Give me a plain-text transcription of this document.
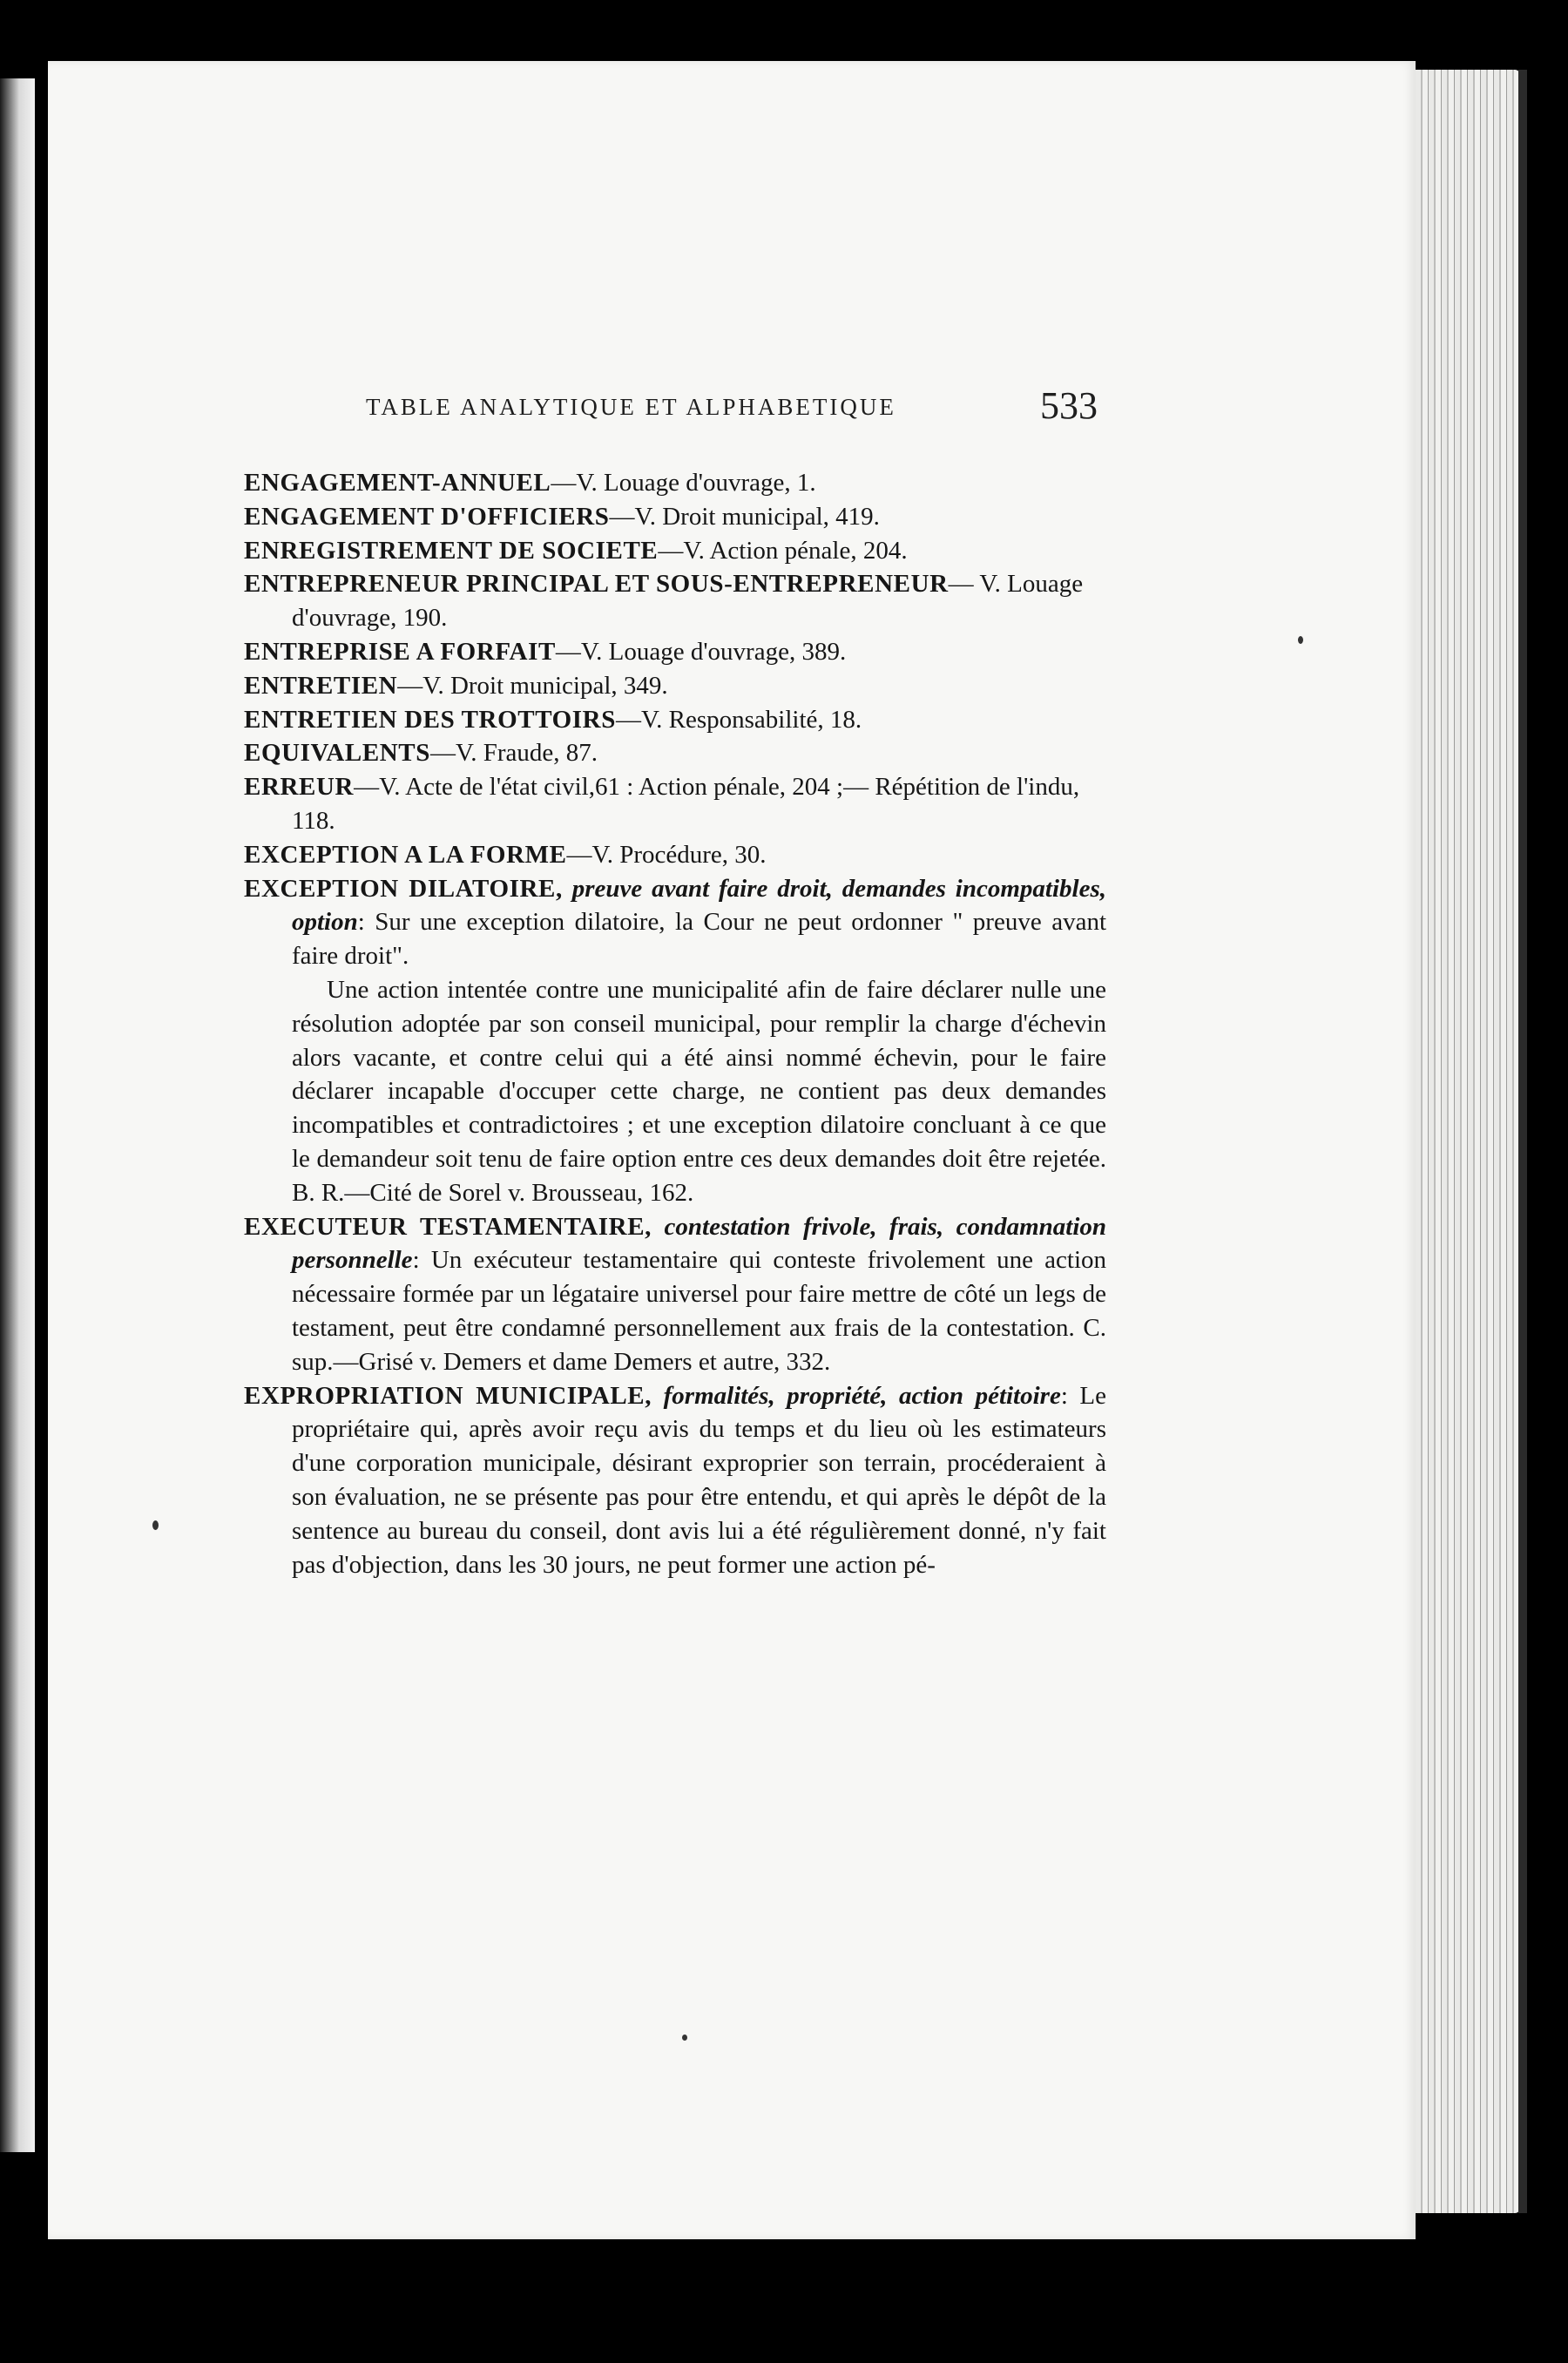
TABLE ANALYTIQUE ET ALPHABETIQUE	533

ENGAGEMENT-ANNUEL—V. Louage d'ouvrage, 1.

ENGAGEMENT D'OFFICIERS—V. Droit municipal, 419.

ENREGISTREMENT DE SOCIETE—V. Action pénale, 204.

ENTREPRENEUR PRINCIPAL ET SOUS-ENTREPRENEUR— V. Louage d'ouvrage, 190.

ENTREPRISE A FORFAIT—V. Louage d'ouvrage, 389.

ENTRETIEN—V. Droit municipal, 349.

ENTRETIEN DES TROTTOIRS—V. Responsabilité, 18.

EQUIVALENTS—V. Fraude, 87.

ERREUR—V. Acte de l'état civil,61 : Action pénale, 204 ;— Répétition de l'indu, 118.

EXCEPTION A LA FORME—V. Procédure, 30.

EXCEPTION DILATOIRE, preuve avant faire droit, demandes incompatibles, option: Sur une exception dilatoire, la Cour ne peut ordonner " preuve avant faire droit".

Une action intentée contre une municipalité afin de faire déclarer nulle une résolution adoptée par son conseil municipal, pour remplir la charge d'échevin alors vacante, et contre celui qui a été ainsi nommé échevin, pour le faire déclarer incapable d'occuper cette charge, ne contient pas deux demandes incompatibles et contradictoires ; et une exception dilatoire concluant à ce que le demandeur soit tenu de faire option entre ces deux demandes doit être rejetée. B. R.—Cité de Sorel v. Brousseau, 162.

EXECUTEUR TESTAMENTAIRE, contestation frivole, frais, condamnation personnelle: Un exécuteur testamentaire qui conteste frivolement une action nécessaire formée par un légataire universel pour faire mettre de côté un legs de testament, peut être condamné personnellement aux frais de la contestation. C. sup.—Grisé v. Demers et dame Demers et autre, 332.

EXPROPRIATION MUNICIPALE, formalités, propriété, action pétitoire: Le propriétaire qui, après avoir reçu avis du temps et du lieu où les estimateurs d'une corporation municipale, désirant exproprier son terrain, procéderaient à son évaluation, ne se présente pas pour être entendu, et qui après le dépôt de la sentence au bureau du conseil, dont avis lui a été régulièrement donné, n'y fait pas d'objection, dans les 30 jours, ne peut former une action pé-
